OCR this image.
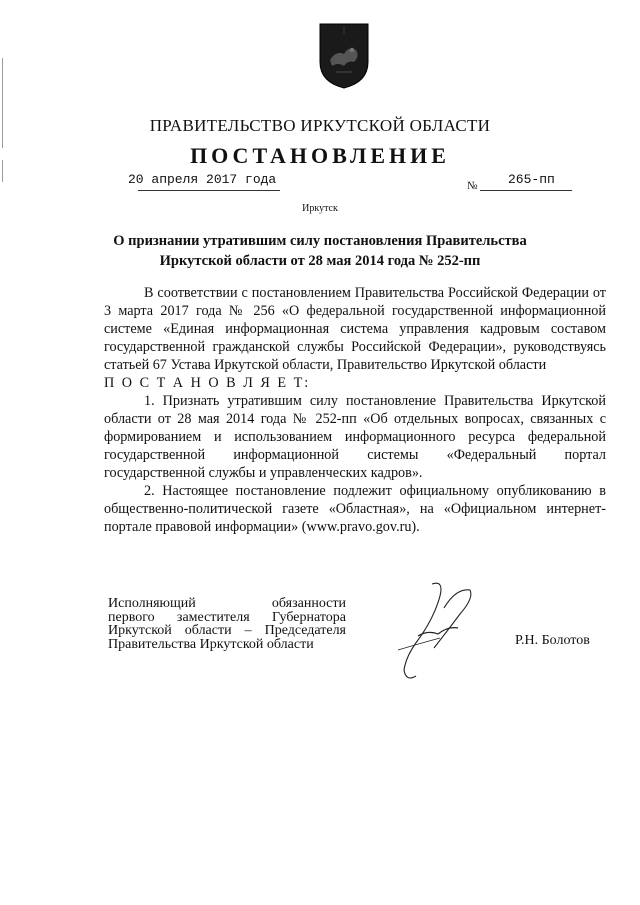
ПРАВИТЕЛЬСТВО ИРКУТСКОЙ ОБЛАСТИ
ПОСТАНОВЛЕНИЕ
20 апреля 2017 года	№ 265-пп
Иркутск
О признании утратившим силу постановления Правительства
Иркутской области от 28 мая 2014 года № 252-пп

В соответствии с постановлением Правительства Российской Федерации от 3 марта 2017 года № 256 «О федеральной государственной информационной системе «Единая информационная система управления кадровым составом государственной гражданской службы Российской Федерации», руководствуясь статьей 67 Устава Иркутской области, Правительство Иркутской области

П О С Т А Н О В Л Я Е Т:

1. Признать утратившим силу постановление Правительства Иркутской области от 28 мая 2014 года № 252-пп «Об отдельных вопросах, связанных с формированием и использованием информационного ресурса федеральной государственной информационной системы «Федеральный портал государственной службы и управленческих кадров».

2. Настоящее постановление подлежит официальному опубликованию в общественно-политической газете «Областная», на «Официальном интернет-портале правовой информации» (www.pravo.gov.ru).

Исполняющий обязанности
первого заместителя Губернатора
Иркутской области – Председателя
Правительства Иркутской области	Р.Н. Болотов
